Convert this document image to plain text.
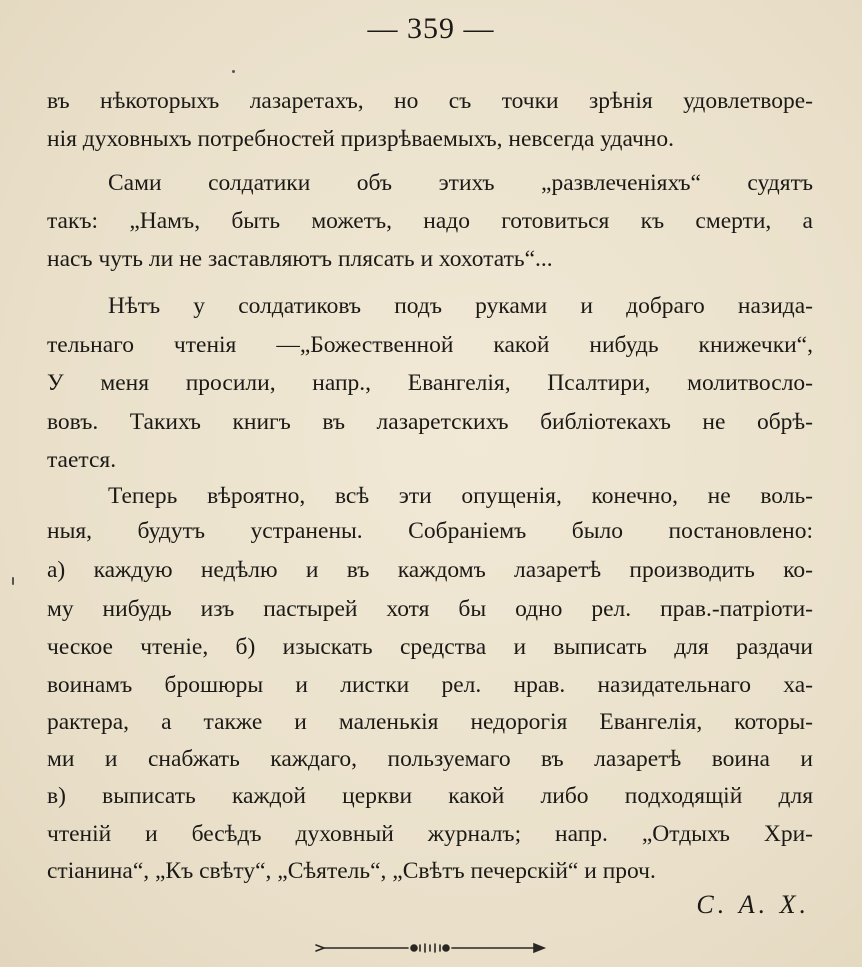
— 359 —
въ нѣкоторыхъ лазаретахъ, но съ точки зрѣнія удовлетворе-
нія духовныхъ потребностей призрѣваемыхъ, невсегда удачно.
Сами солдатики объ этихъ „развлеченіяхъ“ судятъ
такъ: „Намъ, быть можетъ, надо готовиться къ смерти, а
насъ чуть ли не заставляютъ плясать и хохотать“...
Нѣтъ у солдатиковъ подъ руками и добраго назида-
тельнаго чтенія —„Божественной какой нибудь книжечки“,
У меня просили, напр., Евангелія, Псалтири, молитвосло-
вовъ. Такихъ книгъ въ лазаретскихъ библіотекахъ не обрѣ-
тается.
Теперь вѣроятно, всѣ эти опущенія, конечно, не воль-
ныя, будутъ устранены. Собраніемъ было постановлено:
а) каждую недѣлю и въ каждомъ лазаретѣ производить ко-
му нибудь изъ пастырей хотя бы одно рел. прав.-патріоти-
ческое чтеніе, б) изыскать средства и выписать для раздачи
воинамъ брошюры и листки рел. нрав. назидательнаго ха-
рактера, а также и маленькія недорогія Евангелія, которы-
ми и снабжать каждаго, пользуемаго въ лазаретѣ воина и
в) выписать каждой церкви какой либо подходящій для
чтеній и бесѣдъ духовный журналъ; напр. „Отдыхъ Хри-
стіанина“, „Къ свѣту“, „Сѣятель“, „Свѣтъ печерскій“ и проч.
С. А. Х.
